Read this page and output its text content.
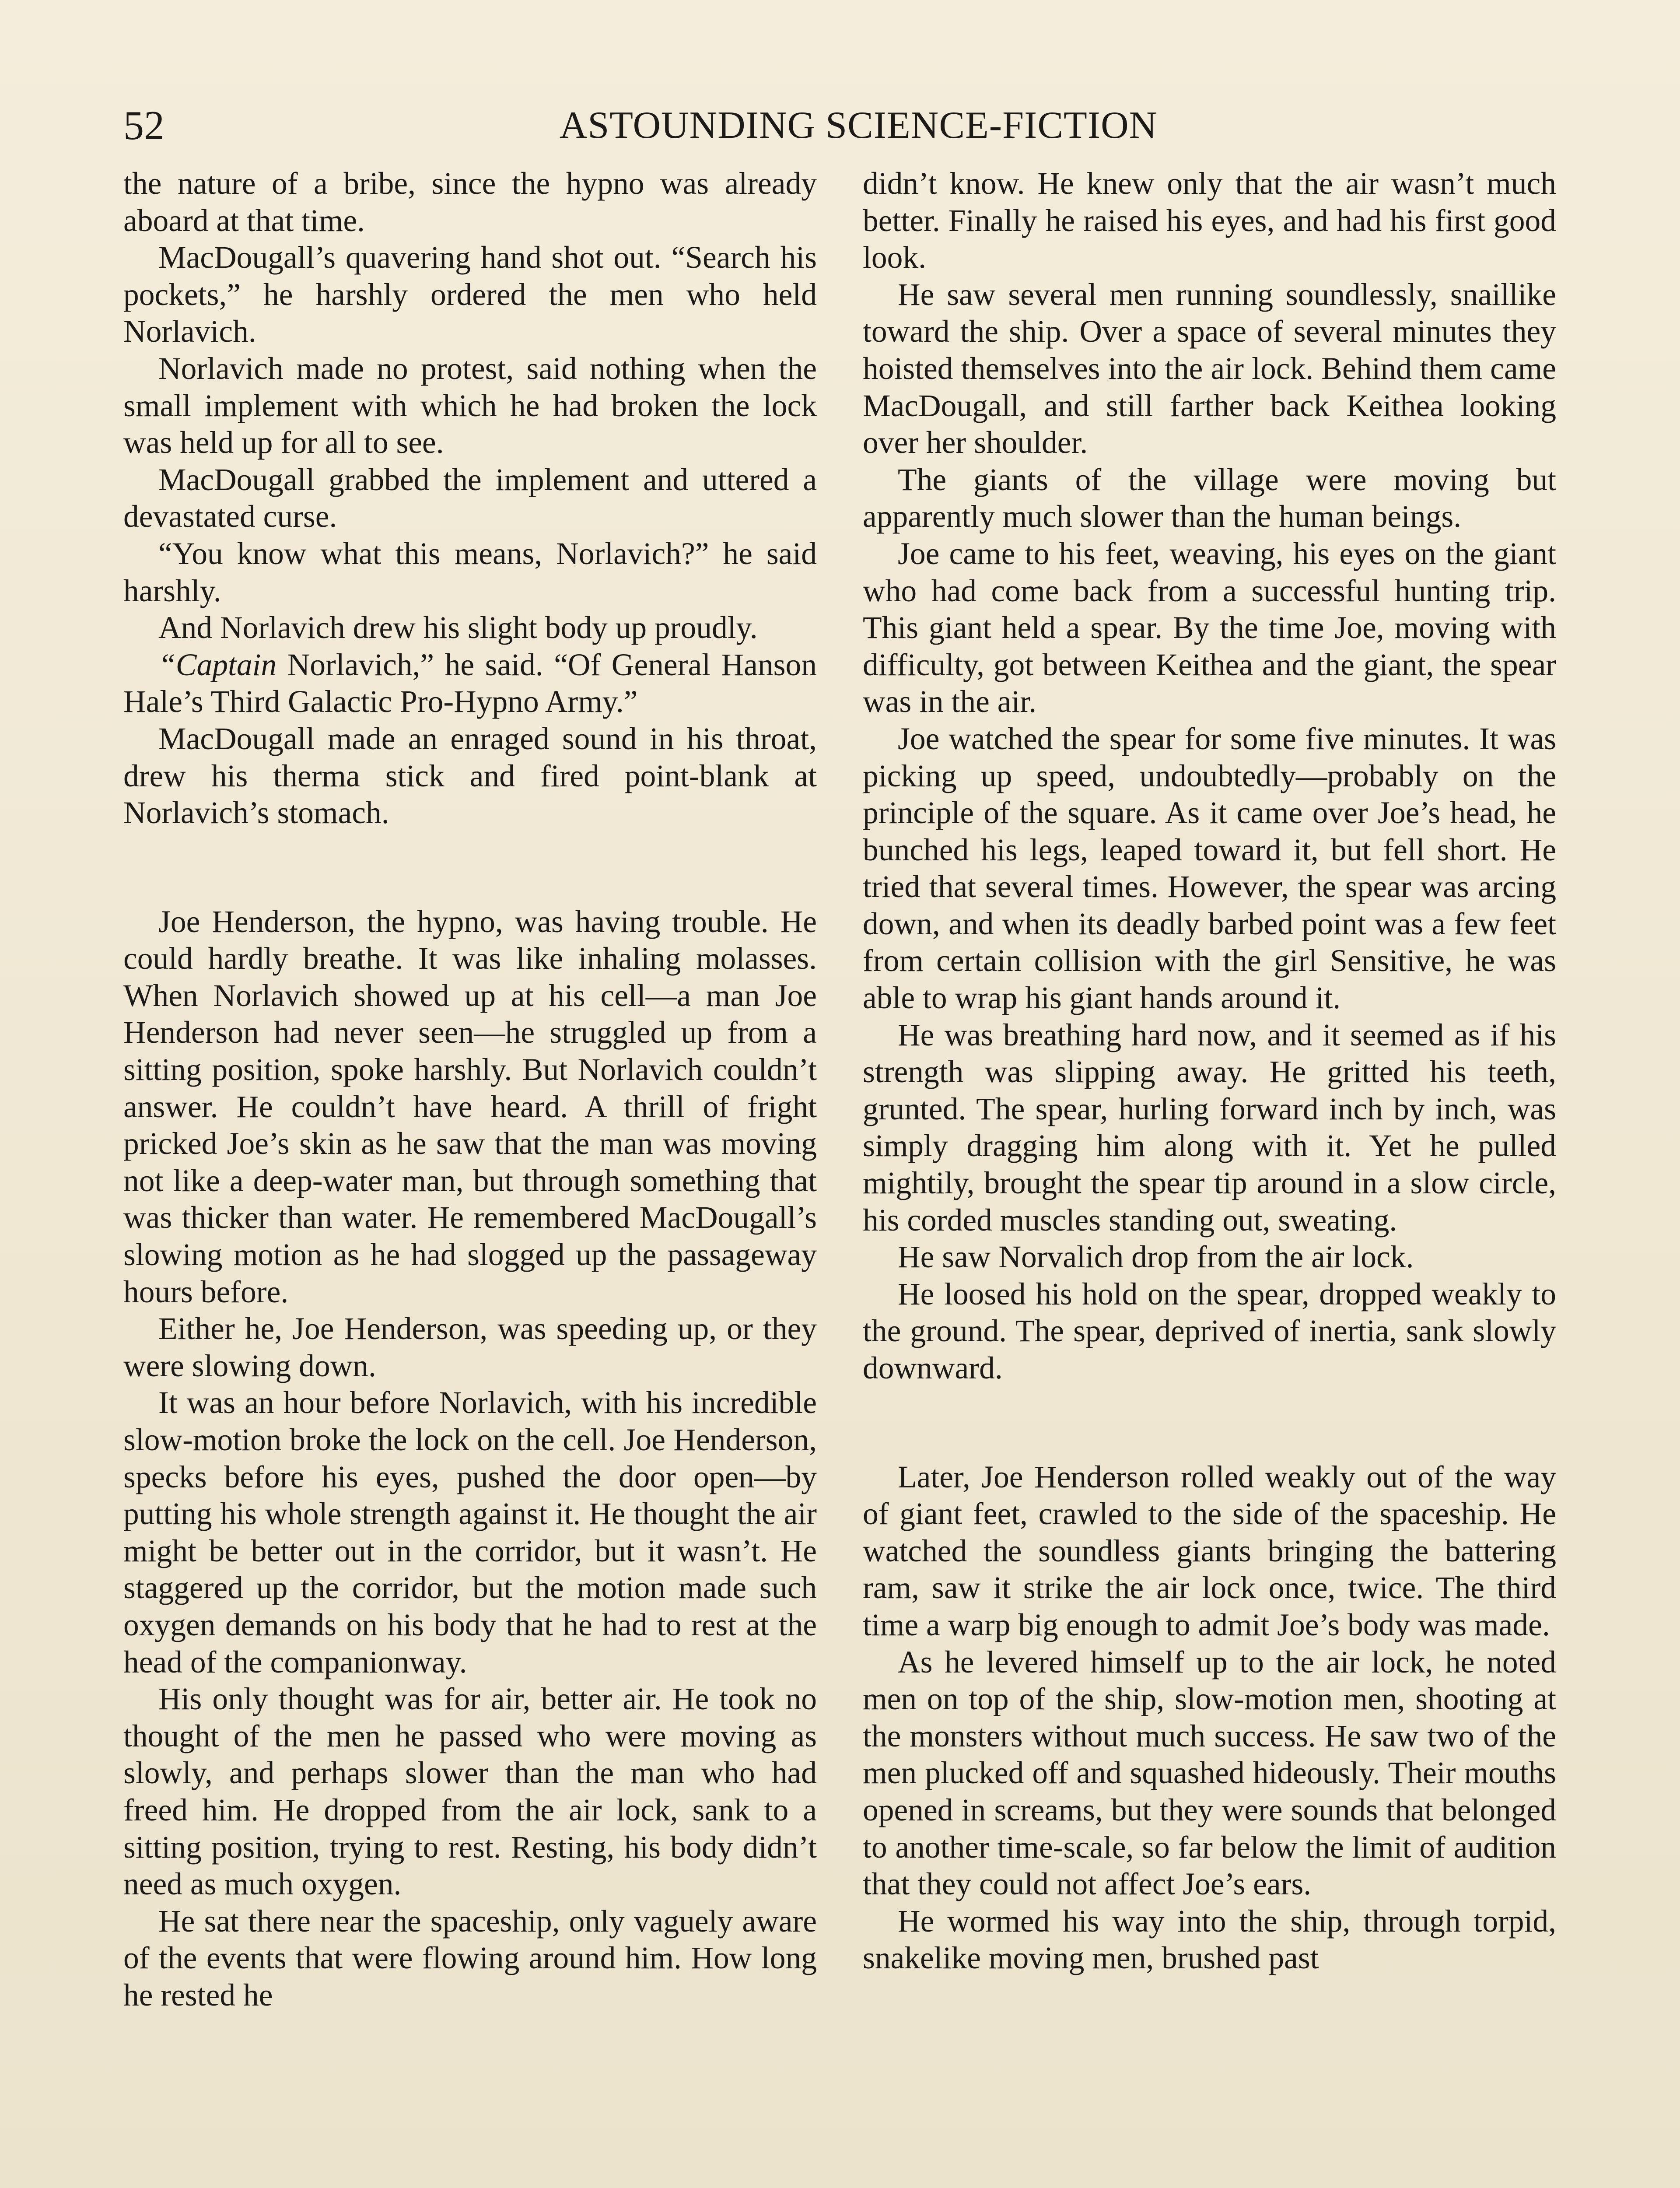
52	ASTOUNDING SCIENCE-FICTION

the nature of a bribe, since the hypno was already aboard at that time.

MacDougall’s quavering hand shot out. “Search his pockets,” he harshly ordered the men who held Norlavich.

Norlavich made no protest, said nothing when the small implement with which he had broken the lock was held up for all to see.

MacDougall grabbed the implement and uttered a devastated curse.

“You know what this means, Norlavich?” he said harshly.

And Norlavich drew his slight body up proudly.

“Captain Norlavich,” he said. “Of General Hanson Hale’s Third Galactic Pro-Hypno Army.”

MacDougall made an enraged sound in his throat, drew his therma stick and fired point-blank at Norlavich’s stomach.

Joe Henderson, the hypno, was having trouble. He could hardly breathe. It was like inhaling molasses. When Norlavich showed up at his cell—a man Joe Henderson had never seen—he struggled up from a sitting position, spoke harshly. But Norlavich couldn’t answer. He couldn’t have heard. A thrill of fright pricked Joe’s skin as he saw that the man was moving not like a deep-water man, but through something that was thicker than water. He remembered MacDougall’s slowing motion as he had slogged up the passageway hours before.

Either he, Joe Henderson, was speeding up, or they were slowing down.

It was an hour before Norlavich, with his incredible slow-motion broke the lock on the cell. Joe Henderson, specks before his eyes, pushed the door open—by putting his whole strength against it. He thought the air might be better out in the corridor, but it wasn’t. He staggered up the corridor, but the motion made such oxygen demands on his body that he had to rest at the head of the companionway.

His only thought was for air, better air. He took no thought of the men he passed who were moving as slowly, and perhaps slower than the man who had freed him. He dropped from the air lock, sank to a sitting position, trying to rest. Resting, his body didn’t need as much oxygen.

He sat there near the spaceship, only vaguely aware of the events that were flowing around him. How long he rested he

didn’t know. He knew only that the air wasn’t much better. Finally he raised his eyes, and had his first good look.

He saw several men running soundlessly, snaillike toward the ship. Over a space of several minutes they hoisted themselves into the air lock. Behind them came MacDougall, and still farther back Keithea looking over her shoulder.

The giants of the village were moving but apparently much slower than the human beings.

Joe came to his feet, weaving, his eyes on the giant who had come back from a successful hunting trip. This giant held a spear. By the time Joe, moving with difficulty, got between Keithea and the giant, the spear was in the air.

Joe watched the spear for some five minutes. It was picking up speed, undoubtedly—probably on the principle of the square. As it came over Joe’s head, he bunched his legs, leaped toward it, but fell short. He tried that several times. However, the spear was arcing down, and when its deadly barbed point was a few feet from certain collision with the girl Sensitive, he was able to wrap his giant hands around it.

He was breathing hard now, and it seemed as if his strength was slipping away. He gritted his teeth, grunted. The spear, hurling forward inch by inch, was simply dragging him along with it. Yet he pulled mightily, brought the spear tip around in a slow circle, his corded muscles standing out, sweating.

He saw Norvalich drop from the air lock.

He loosed his hold on the spear, dropped weakly to the ground. The spear, deprived of inertia, sank slowly downward.

Later, Joe Henderson rolled weakly out of the way of giant feet, crawled to the side of the spaceship. He watched the soundless giants bringing the battering ram, saw it strike the air lock once, twice. The third time a warp big enough to admit Joe’s body was made.

As he levered himself up to the air lock, he noted men on top of the ship, slow-motion men, shooting at the monsters without much success. He saw two of the men plucked off and squashed hideously. Their mouths opened in screams, but they were sounds that belonged to another time-scale, so far below the limit of audition that they could not affect Joe’s ears.

He wormed his way into the ship, through torpid, snakelike moving men, brushed past
